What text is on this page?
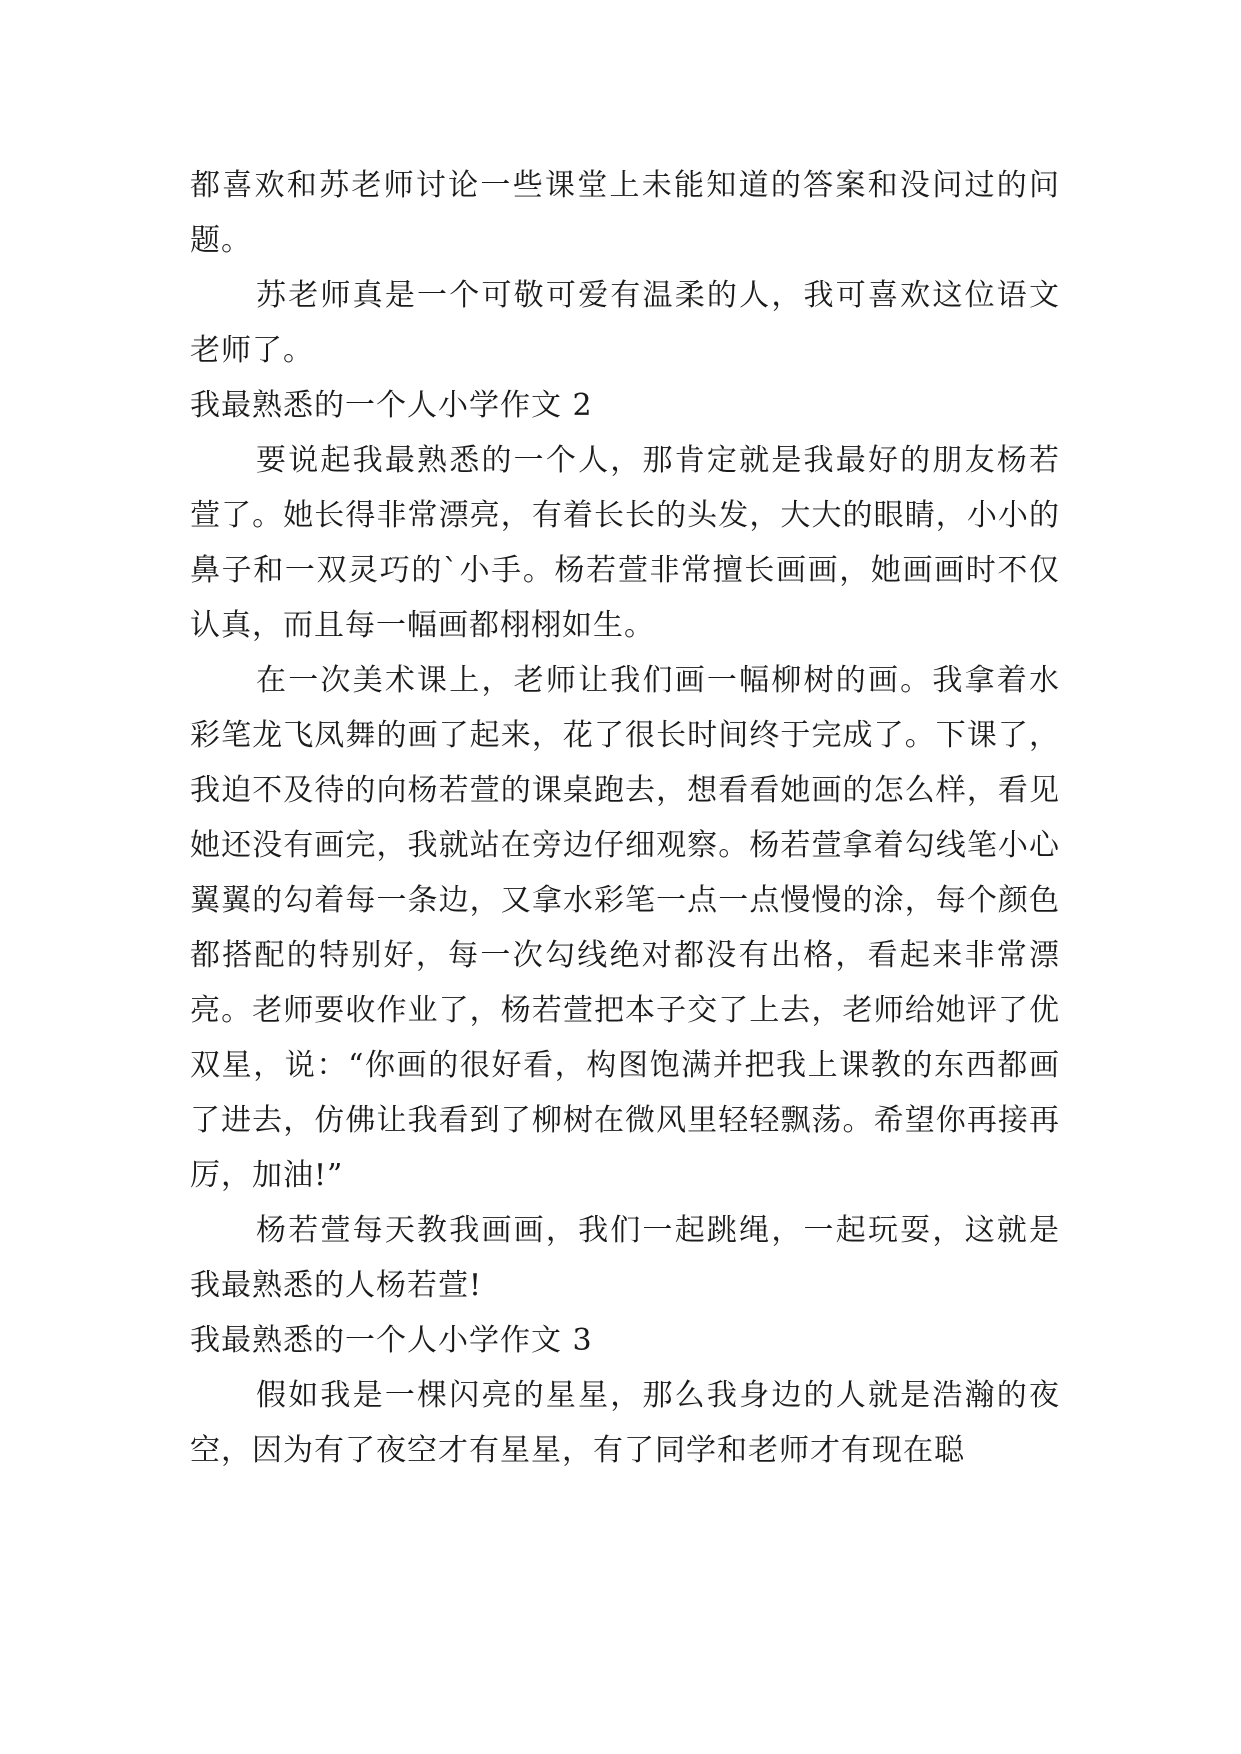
都喜欢和苏老师讨论一些课堂上未能知道的答案和没问过的问题。

苏老师真是一个可敬可爱有温柔的人，我可喜欢这位语文老师了。

我最熟悉的一个人小学作文 2

要说起我最熟悉的一个人，那肯定就是我最好的朋友杨若萱了。她长得非常漂亮，有着长长的头发，大大的眼睛，小小的鼻子和一双灵巧的`小手。杨若萱非常擅长画画，她画画时不仅认真，而且每一幅画都栩栩如生。

在一次美术课上，老师让我们画一幅柳树的画。我拿着水彩笔龙飞凤舞的画了起来，花了很长时间终于完成了。下课了，我迫不及待的向杨若萱的课桌跑去，想看看她画的怎么样，看见她还没有画完，我就站在旁边仔细观察。杨若萱拿着勾线笔小心翼翼的勾着每一条边，又拿水彩笔一点一点慢慢的涂，每个颜色都搭配的特别好，每一次勾线绝对都没有出格，看起来非常漂亮。老师要收作业了，杨若萱把本子交了上去，老师给她评了优双星，说：“你画的很好看，构图饱满并把我上课教的东西都画了进去，仿佛让我看到了柳树在微风里轻轻飘荡。希望你再接再厉，加油!”

杨若萱每天教我画画，我们一起跳绳，一起玩耍，这就是我最熟悉的人杨若萱!

我最熟悉的一个人小学作文 3

假如我是一棵闪亮的星星，那么我身边的人就是浩瀚的夜空，因为有了夜空才有星星，有了同学和老师才有现在聪
